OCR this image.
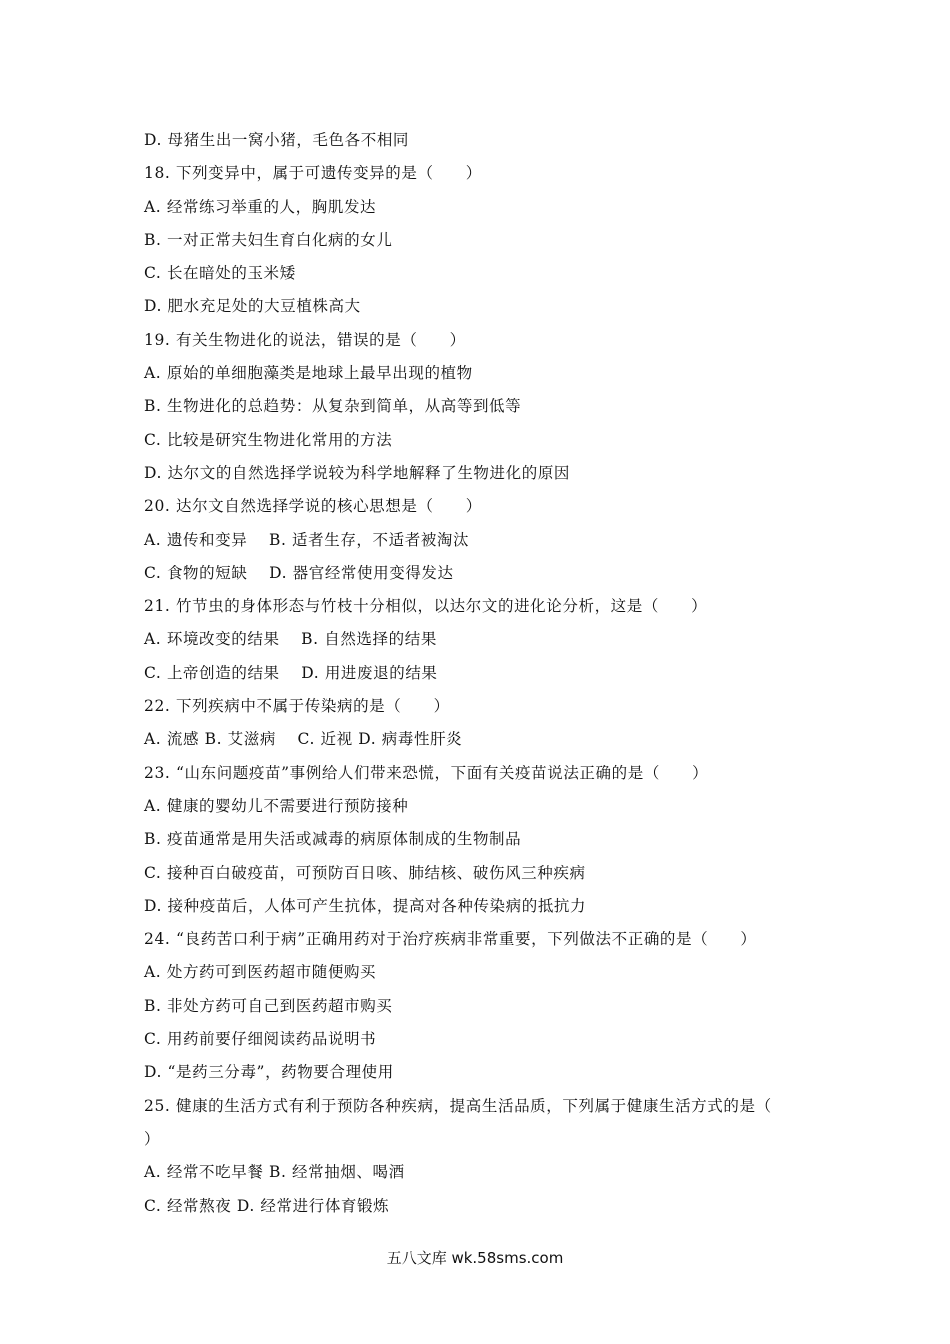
D. 母猪生出一窝小猪，毛色各不相同
18. 下列变异中，属于可遗传变异的是（　　）
A. 经常练习举重的人，胸肌发达
B. 一对正常夫妇生育白化病的女儿
C. 长在暗处的玉米矮
D. 肥水充足处的大豆植株高大
19. 有关生物进化的说法，错误的是（　　）
A. 原始的单细胞藻类是地球上最早出现的植物
B. 生物进化的总趋势：从复杂到简单，从高等到低等
C. 比较是研究生物进化常用的方法
D. 达尔文的自然选择学说较为科学地解释了生物进化的原因
20. 达尔文自然选择学说的核心思想是（　　）
A. 遗传和变异　 B. 适者生存，不适者被淘汰
C. 食物的短缺　 D. 器官经常使用变得发达
21. 竹节虫的身体形态与竹枝十分相似，以达尔文的进化论分析，这是（　　）
A. 环境改变的结果　 B. 自然选择的结果
C. 上帝创造的结果　 D. 用进废退的结果
22. 下列疾病中不属于传染病的是（　　）
A. 流感 B. 艾滋病　 C. 近视 D. 病毒性肝炎
23. “山东问题疫苗”事例给人们带来恐慌，下面有关疫苗说法正确的是（　　）
A. 健康的婴幼儿不需要进行预防接种
B. 疫苗通常是用失活或减毒的病原体制成的生物制品
C. 接种百白破疫苗，可预防百日咳、肺结核、破伤风三种疾病
D. 接种疫苗后，人体可产生抗体，提高对各种传染病的抵抗力
24. “良药苦口利于病”正确用药对于治疗疾病非常重要，下列做法不正确的是（　　）
A. 处方药可到医药超市随便购买
B. 非处方药可自己到医药超市购买
C. 用药前要仔细阅读药品说明书
D. “是药三分毒”，药物要合理使用
25. 健康的生活方式有利于预防各种疾病，提高生活品质，下列属于健康生活方式的是（
）
A. 经常不吃早餐 B. 经常抽烟、喝酒
C. 经常熬夜 D. 经常进行体育锻炼
五八文库 wk.58sms.com
